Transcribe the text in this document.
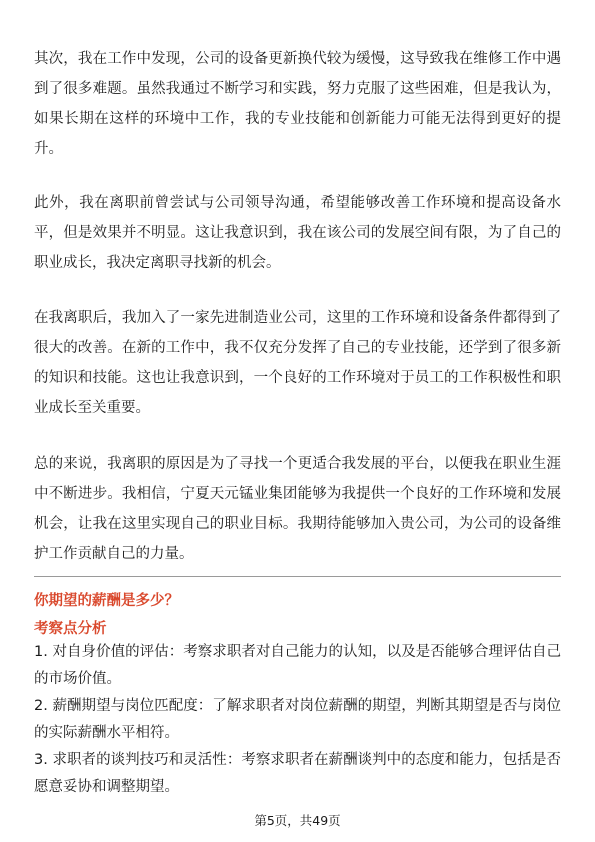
其次，我在工作中发现，公司的设备更新换代较为缓慢，这导致我在维修工作中遇到了很多难题。虽然我通过不断学习和实践，努力克服了这些困难，但是我认为，如果长期在这样的环境中工作，我的专业技能和创新能力可能无法得到更好的提升。

此外，我在离职前曾尝试与公司领导沟通，希望能够改善工作环境和提高设备水平，但是效果并不明显。这让我意识到，我在该公司的发展空间有限，为了自己的职业成长，我决定离职寻找新的机会。

在我离职后，我加入了一家先进制造业公司，这里的工作环境和设备条件都得到了很大的改善。在新的工作中，我不仅充分发挥了自己的专业技能，还学到了很多新的知识和技能。这也让我意识到，一个良好的工作环境对于员工的工作积极性和职业成长至关重要。

总的来说，我离职的原因是为了寻找一个更适合我发展的平台，以便我在职业生涯中不断进步。我相信，宁夏天元锰业集团能够为我提供一个良好的工作环境和发展机会，让我在这里实现自己的职业目标。我期待能够加入贵公司，为公司的设备维护工作贡献自己的力量。

你期望的薪酬是多少？

考察点分析

1. 对自身价值的评估：考察求职者对自己能力的认知，以及是否能够合理评估自己的市场价值。

2. 薪酬期望与岗位匹配度：了解求职者对岗位薪酬的期望，判断其期望是否与岗位的实际薪酬水平相符。

3. 求职者的谈判技巧和灵活性：考察求职者在薪酬谈判中的态度和能力，包括是否愿意妥协和调整期望。

第5页，共49页
